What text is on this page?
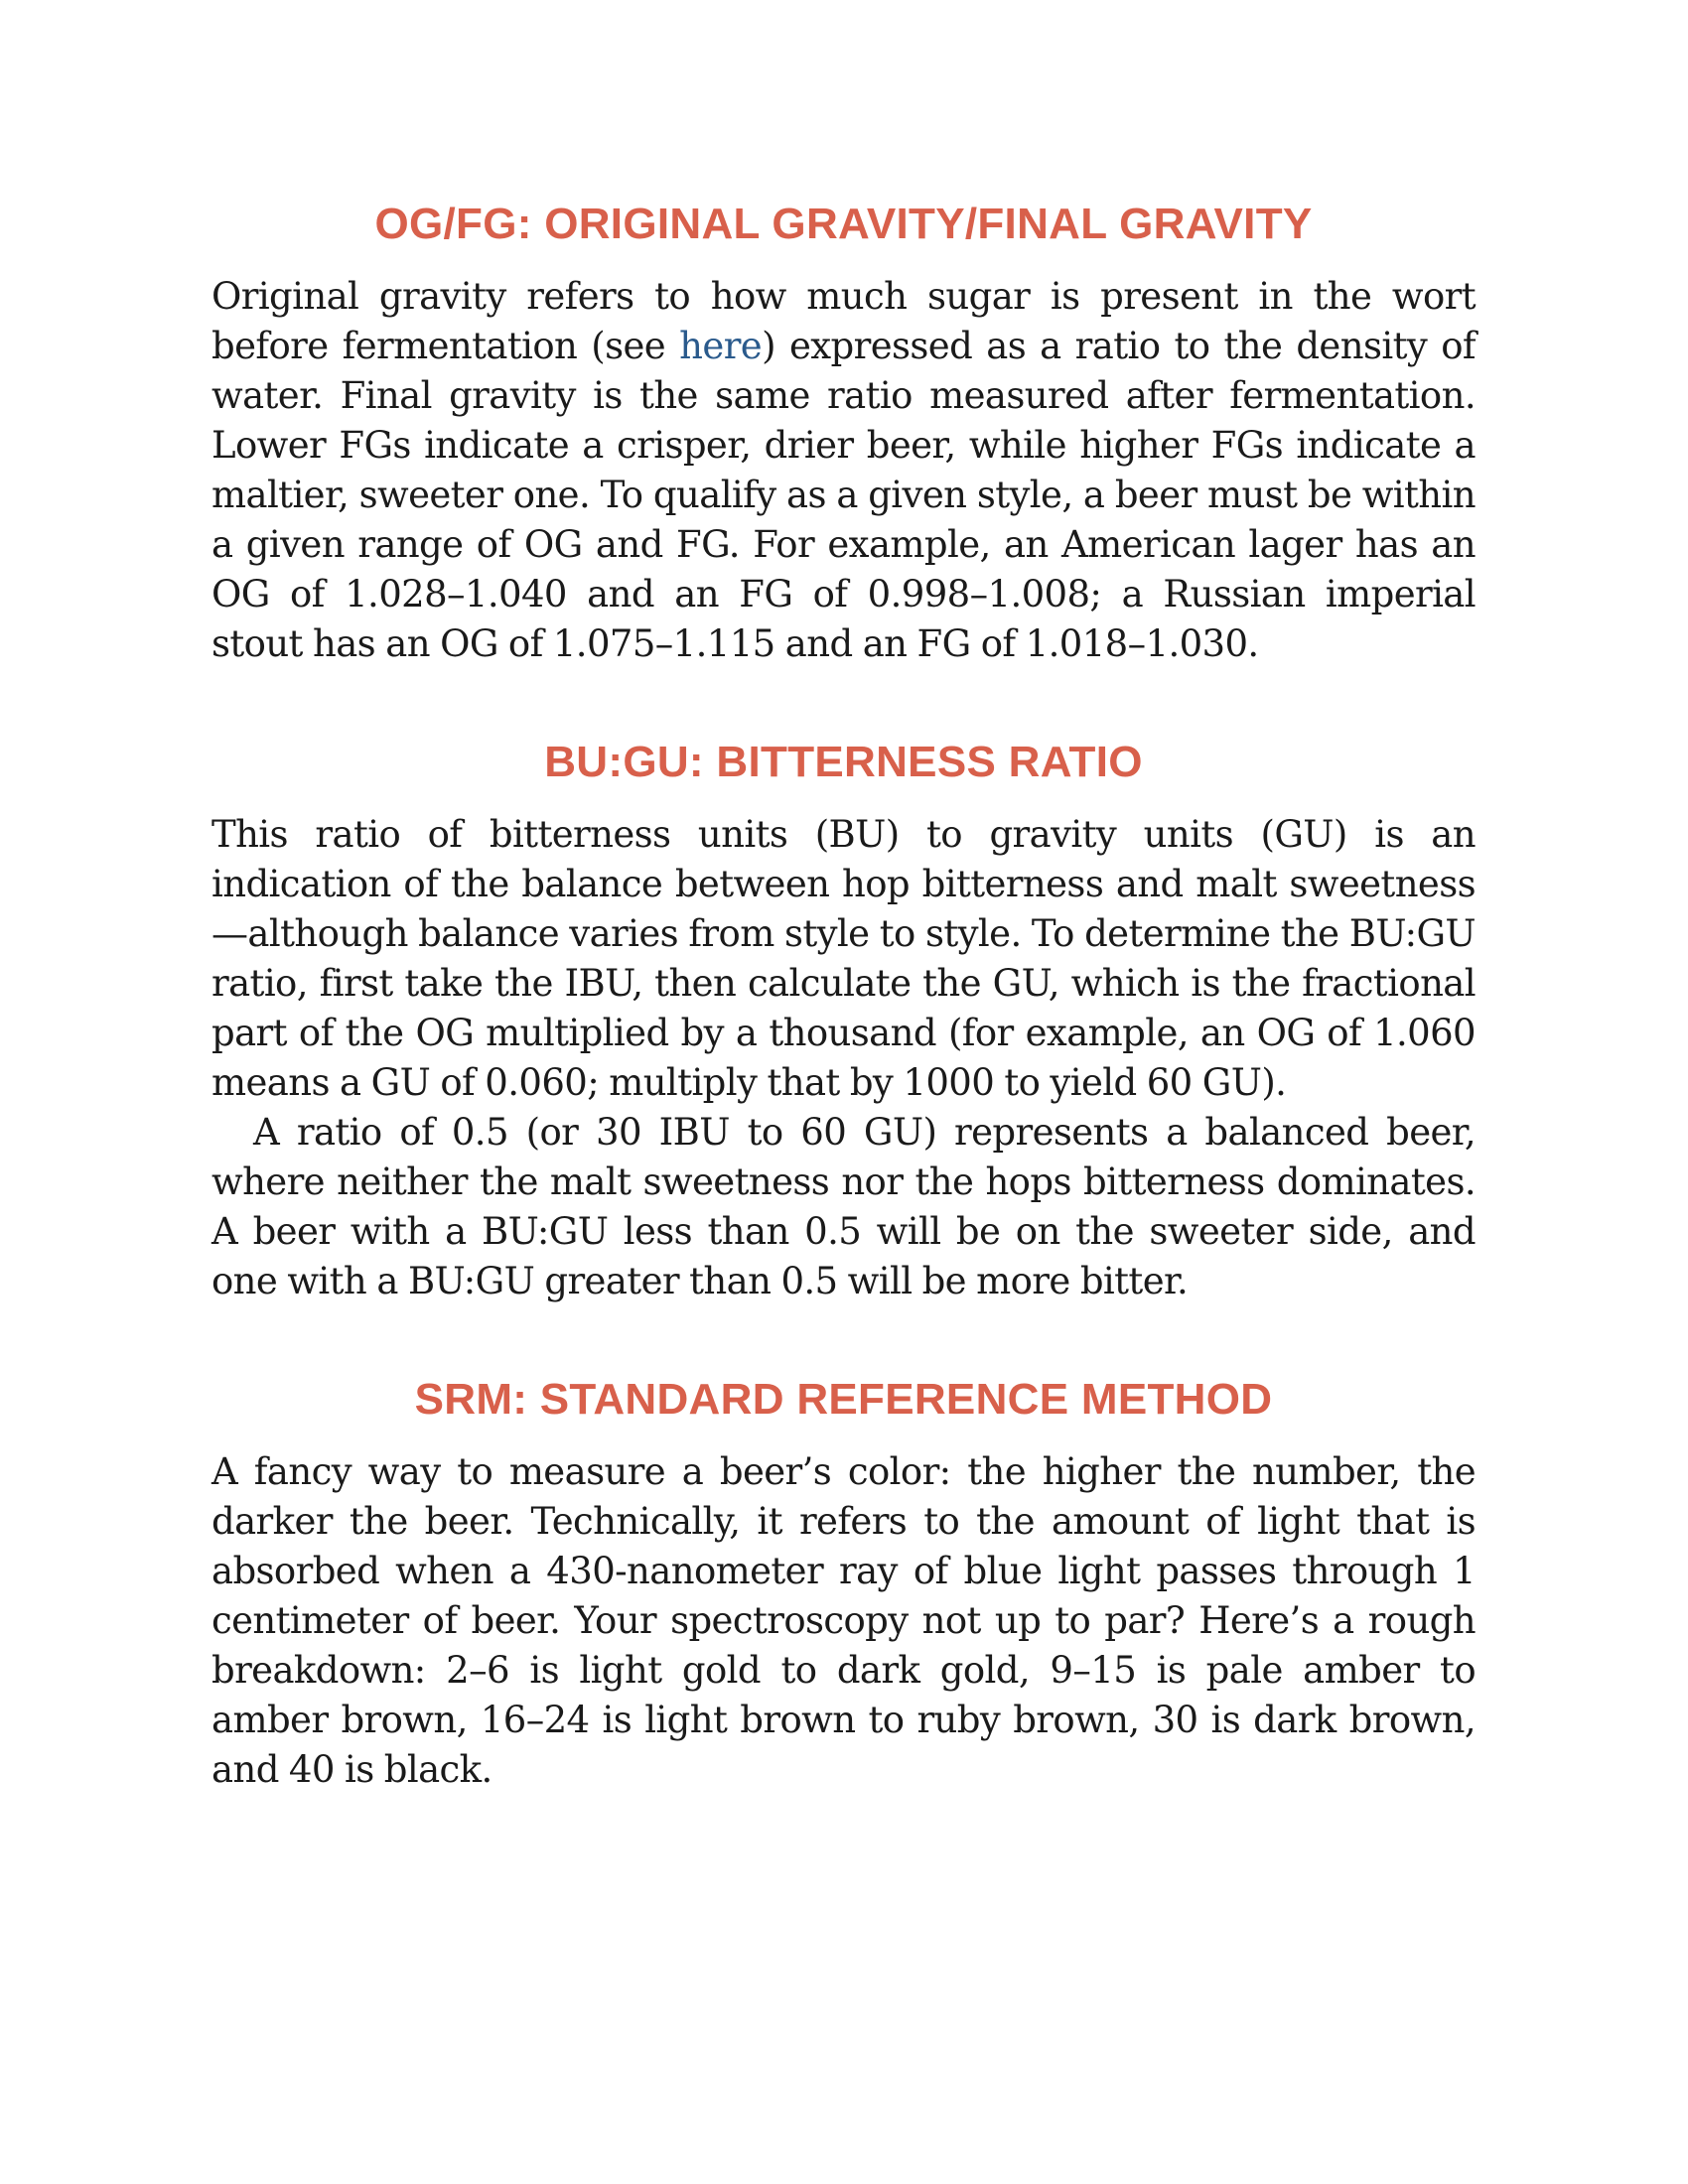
OG/FG: ORIGINAL GRAVITY/FINAL GRAVITY

Original gravity refers to how much sugar is present in the wort before fermentation (see here) expressed as a ratio to the density of water. Final gravity is the same ratio measured after fermentation. Lower FGs indicate a crisper, drier beer, while higher FGs indicate a maltier, sweeter one. To qualify as a given style, a beer must be within a given range of OG and FG. For example, an American lager has an OG of 1.028–1.040 and an FG of 0.998–1.008; a Russian imperial stout has an OG of 1.075–1.115 and an FG of 1.018–1.030.

BU:GU: BITTERNESS RATIO

This ratio of bitterness units (BU) to gravity units (GU) is an indication of the balance between hop bitterness and malt sweetness —although balance varies from style to style. To determine the BU:GU ratio, first take the IBU, then calculate the GU, which is the fractional part of the OG multiplied by a thousand (for example, an OG of 1.060 means a GU of 0.060; multiply that by 1000 to yield 60 GU).

A ratio of 0.5 (or 30 IBU to 60 GU) represents a balanced beer, where neither the malt sweetness nor the hops bitterness dominates. A beer with a BU:GU less than 0.5 will be on the sweeter side, and one with a BU:GU greater than 0.5 will be more bitter.

SRM: STANDARD REFERENCE METHOD

A fancy way to measure a beer’s color: the higher the number, the darker the beer. Technically, it refers to the amount of light that is absorbed when a 430-nanometer ray of blue light passes through 1 centimeter of beer. Your spectroscopy not up to par? Here’s a rough breakdown: 2–6 is light gold to dark gold, 9–15 is pale amber to amber brown, 16–24 is light brown to ruby brown, 30 is dark brown, and 40 is black.
